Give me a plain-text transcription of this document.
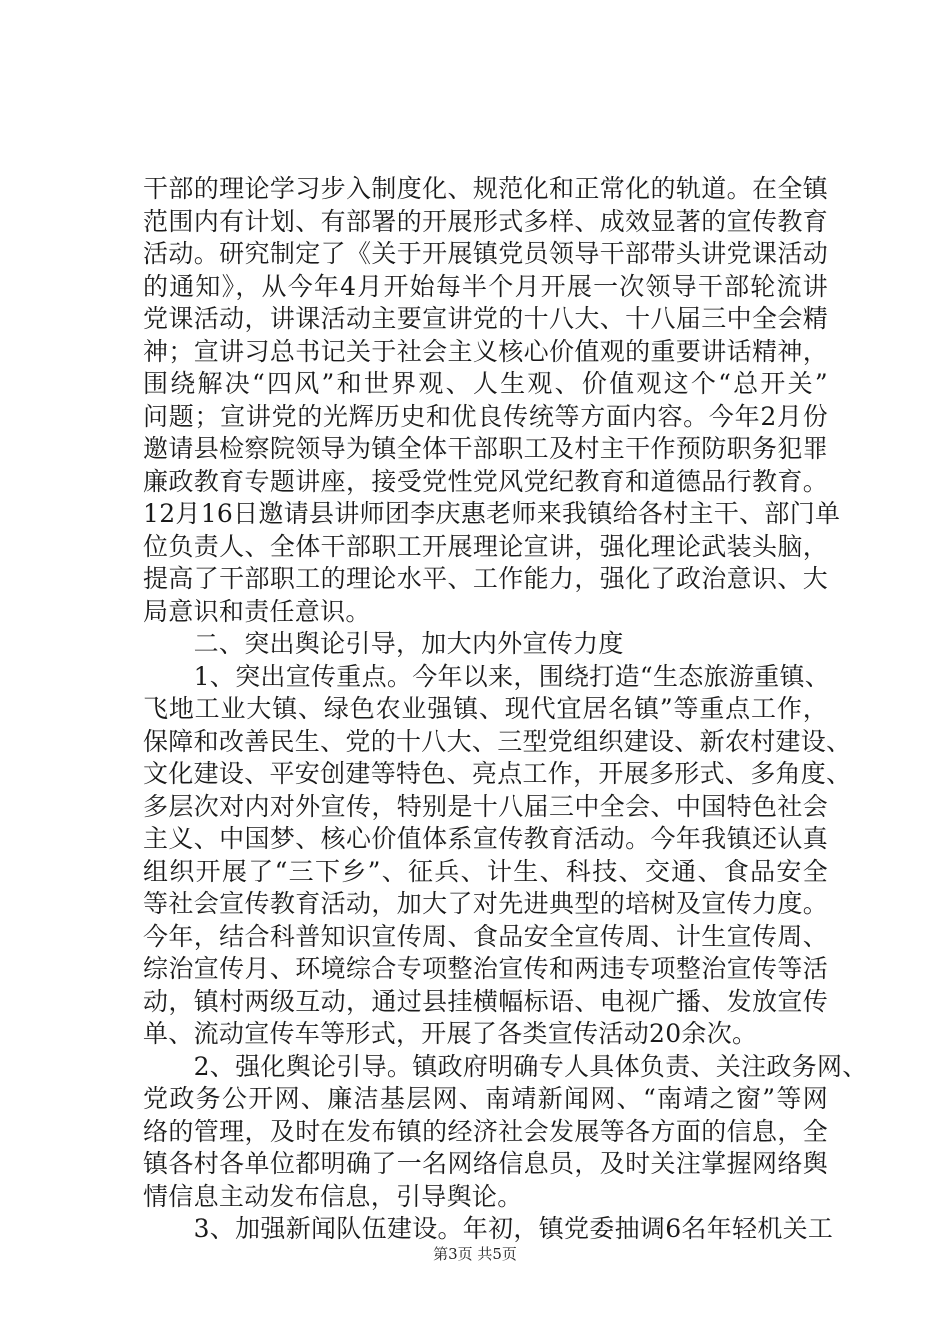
干部的理论学习步入制度化、规范化和正常化的轨道。在全镇
范围内有计划、有部署的开展形式多样、成效显著的宣传教育
活动。研究制定了《关于开展镇党员领导干部带头讲党课活动
的通知》，从今年4月开始每半个月开展一次领导干部轮流讲
党课活动，讲课活动主要宣讲党的十八大、十八届三中全会精
神；宣讲习总书记关于社会主义核心价值观的重要讲话精神，
围绕解决“四风”和世界观、人生观、价值观这个“总开关”
问题；宣讲党的光辉历史和优良传统等方面内容。今年2月份
邀请县检察院领导为镇全体干部职工及村主干作预防职务犯罪
廉政教育专题讲座，接受党性党风党纪教育和道德品行教育。
12月16日邀请县讲师团李庆惠老师来我镇给各村主干、部门单
位负责人、全体干部职工开展理论宣讲，强化理论武装头脑，
提高了干部职工的理论水平、工作能力，强化了政治意识、大
局意识和责任意识。
　　二、突出舆论引导，加大内外宣传力度
　　1、突出宣传重点。今年以来，围绕打造“生态旅游重镇、
飞地工业大镇、绿色农业强镇、现代宜居名镇”等重点工作，
保障和改善民生、党的十八大、三型党组织建设、新农村建设、
文化建设、平安创建等特色、亮点工作，开展多形式、多角度、
多层次对内对外宣传，特别是十八届三中全会、中国特色社会
主义、中国梦、核心价值体系宣传教育活动。今年我镇还认真
组织开展了“三下乡”、征兵、计生、科技、交通、食品安全
等社会宣传教育活动，加大了对先进典型的培树及宣传力度。
今年，结合科普知识宣传周、食品安全宣传周、计生宣传周、
综治宣传月、环境综合专项整治宣传和两违专项整治宣传等活
动，镇村两级互动，通过县挂横幅标语、电视广播、发放宣传
单、流动宣传车等形式，开展了各类宣传活动20余次。
　　2、强化舆论引导。镇政府明确专人具体负责、关注政务网、
党政务公开网、廉洁基层网、南靖新闻网、“南靖之窗”等网
络的管理，及时在发布镇的经济社会发展等各方面的信息，全
镇各村各单位都明确了一名网络信息员，及时关注掌握网络舆
情信息主动发布信息，引导舆论。
　　3、加强新闻队伍建设。年初，镇党委抽调6名年轻机关工
第3页 共5页
